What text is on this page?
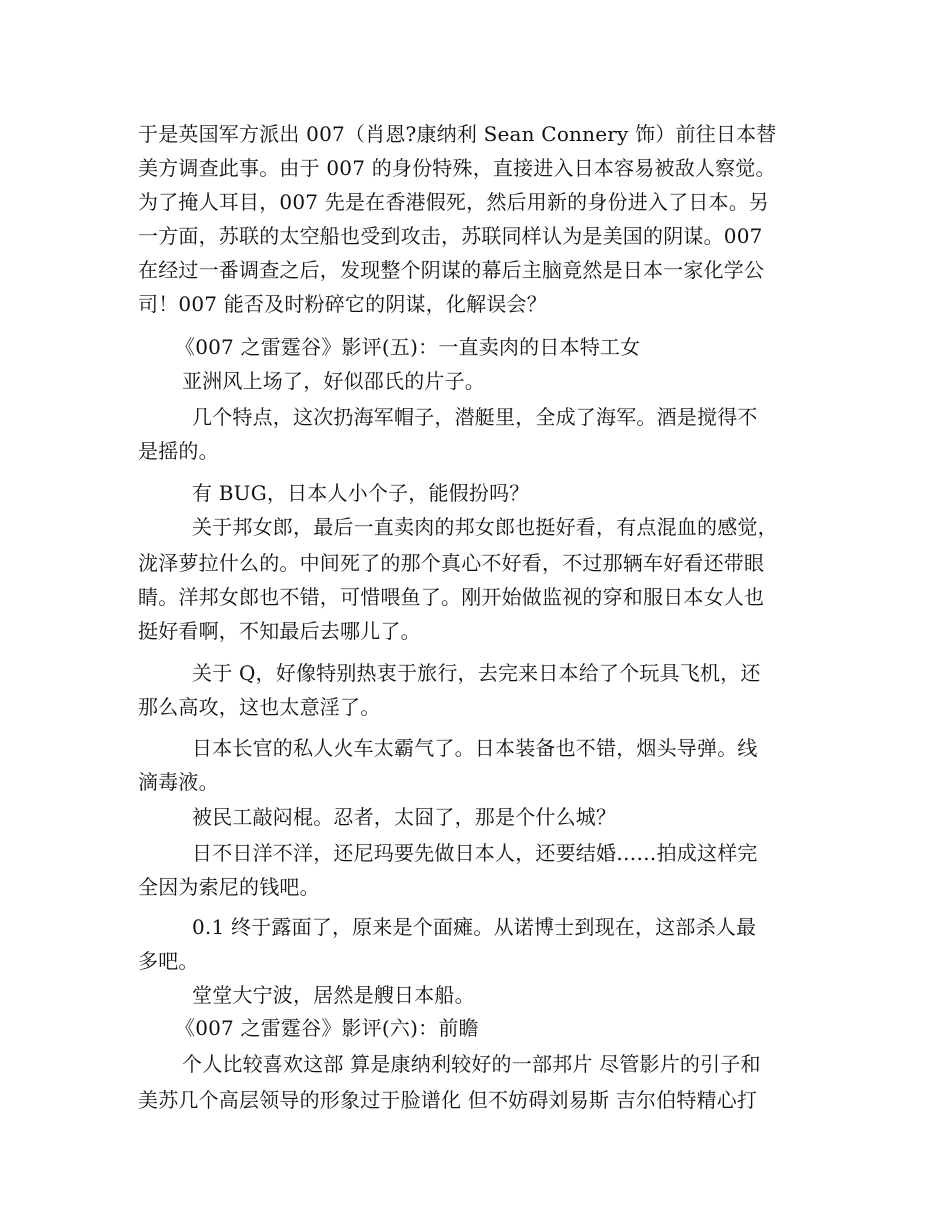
于是英国军方派出 007（肖恩?康纳利 Sean Connery 饰）前往日本替
美方调查此事。由于 007 的身份特殊，直接进入日本容易被敌人察觉。
为了掩人耳目，007 先是在香港假死，然后用新的身份进入了日本。另
一方面，苏联的太空船也受到攻击，苏联同样认为是美国的阴谋。007
在经过一番调查之后，发现整个阴谋的幕后主脑竟然是日本一家化学公
司！007 能否及时粉碎它的阴谋，化解误会？
《007 之雷霆谷》影评(五)：一直卖肉的日本特工女
亚洲风上场了，好似邵氏的片子。
几个特点，这次扔海军帽子，潜艇里，全成了海军。酒是搅得不
是摇的。
有 BUG，日本人小个子，能假扮吗？
关于邦女郎，最后一直卖肉的邦女郎也挺好看，有点混血的感觉，
泷泽萝拉什么的。中间死了的那个真心不好看，不过那辆车好看还带眼
睛。洋邦女郎也不错，可惜喂鱼了。刚开始做监视的穿和服日本女人也
挺好看啊，不知最后去哪儿了。
关于 Q，好像特别热衷于旅行，去完来日本给了个玩具飞机，还
那么高攻，这也太意淫了。
日本长官的私人火车太霸气了。日本装备也不错，烟头导弹。线
滴毒液。
被民工敲闷棍。忍者，太囧了，那是个什么城？
日不日洋不洋，还尼玛要先做日本人，还要结婚……拍成这样完
全因为索尼的钱吧。
0.1 终于露面了，原来是个面瘫。从诺博士到现在，这部杀人最
多吧。
堂堂大宁波，居然是艘日本船。
《007 之雷霆谷》影评(六)：前瞻
个人比较喜欢这部 算是康纳利较好的一部邦片 尽管影片的引子和
美苏几个高层领导的形象过于脸谱化 但不妨碍刘易斯 吉尔伯特精心打
